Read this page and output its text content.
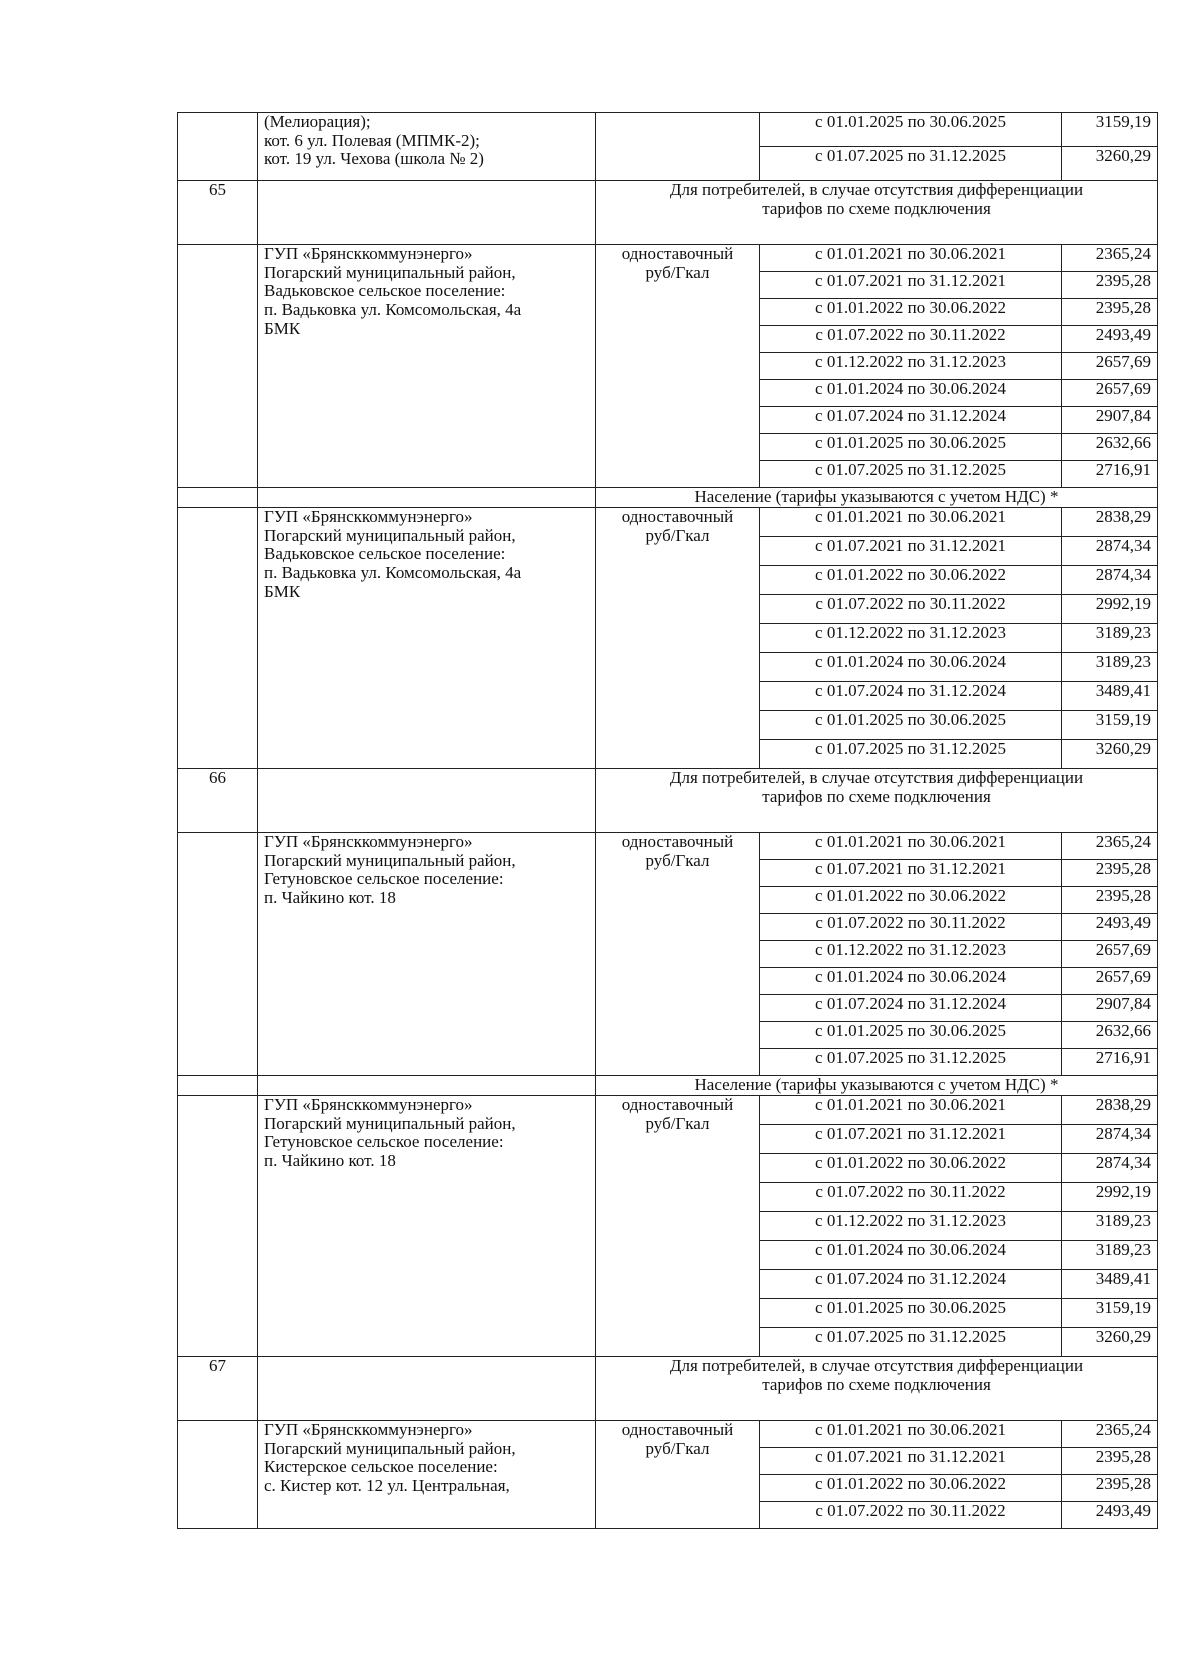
	(Мелиорация);
кот. 6 ул. Полевая (МПМК-2);
кот. 19 ул. Чехова (школа № 2)		с 01.01.2025 по 30.06.2025	3159,19
			с 01.07.2025 по 31.12.2025	3260,29
65		Для потребителей, в случае отсутствия дифференциации
тарифов по схеме подключения		
	ГУП «Брянсккоммунэнерго»
Погарский муниципальный район,
Вадьковское сельское поселение:
п. Вадьковка ул. Комсомольская, 4а
БМК	одноставочный
руб/Гкал	с 01.01.2021 по 30.06.2021	2365,24
			с 01.07.2021 по 31.12.2021	2395,28
			с 01.01.2022 по 30.06.2022	2395,28
			с 01.07.2022 по 30.11.2022	2493,49
			с 01.12.2022 по 31.12.2023	2657,69
			с 01.01.2024 по 30.06.2024	2657,69
			с 01.07.2024 по 31.12.2024	2907,84
			с 01.01.2025 по 30.06.2025	2632,66
			с 01.07.2025 по 31.12.2025	2716,91
		Население (тарифы указываются с учетом НДС) *		
	ГУП «Брянсккоммунэнерго»
Погарский муниципальный район,
Вадьковское сельское поселение:
п. Вадьковка ул. Комсомольская, 4а
БМК	одноставочный
руб/Гкал	с 01.01.2021 по 30.06.2021	2838,29
			с 01.07.2021 по 31.12.2021	2874,34
			с 01.01.2022 по 30.06.2022	2874,34
			с 01.07.2022 по 30.11.2022	2992,19
			с 01.12.2022 по 31.12.2023	3189,23
			с 01.01.2024 по 30.06.2024	3189,23
			с 01.07.2024 по 31.12.2024	3489,41
			с 01.01.2025 по 30.06.2025	3159,19
			с 01.07.2025 по 31.12.2025	3260,29
66		Для потребителей, в случае отсутствия дифференциации
тарифов по схеме подключения		
	ГУП «Брянсккоммунэнерго»
Погарский муниципальный район,
Гетуновское сельское поселение:
п. Чайкино кот. 18	одноставочный
руб/Гкал	с 01.01.2021 по 30.06.2021	2365,24
			с 01.07.2021 по 31.12.2021	2395,28
			с 01.01.2022 по 30.06.2022	2395,28
			с 01.07.2022 по 30.11.2022	2493,49
			с 01.12.2022 по 31.12.2023	2657,69
			с 01.01.2024 по 30.06.2024	2657,69
			с 01.07.2024 по 31.12.2024	2907,84
			с 01.01.2025 по 30.06.2025	2632,66
			с 01.07.2025 по 31.12.2025	2716,91
		Население (тарифы указываются с учетом НДС) *		
	ГУП «Брянсккоммунэнерго»
Погарский муниципальный район,
Гетуновское сельское поселение:
п. Чайкино кот. 18	одноставочный
руб/Гкал	с 01.01.2021 по 30.06.2021	2838,29
			с 01.07.2021 по 31.12.2021	2874,34
			с 01.01.2022 по 30.06.2022	2874,34
			с 01.07.2022 по 30.11.2022	2992,19
			с 01.12.2022 по 31.12.2023	3189,23
			с 01.01.2024 по 30.06.2024	3189,23
			с 01.07.2024 по 31.12.2024	3489,41
			с 01.01.2025 по 30.06.2025	3159,19
			с 01.07.2025 по 31.12.2025	3260,29
67		Для потребителей, в случае отсутствия дифференциации
тарифов по схеме подключения		
	ГУП «Брянсккоммунэнерго»
Погарский муниципальный район,
Кистерское сельское поселение:
с. Кистер кот. 12 ул. Центральная,	одноставочный
руб/Гкал	с 01.01.2021 по 30.06.2021	2365,24
			с 01.07.2021 по 31.12.2021	2395,28
			с 01.01.2022 по 30.06.2022	2395,28
			с 01.07.2022 по 30.11.2022	2493,49
